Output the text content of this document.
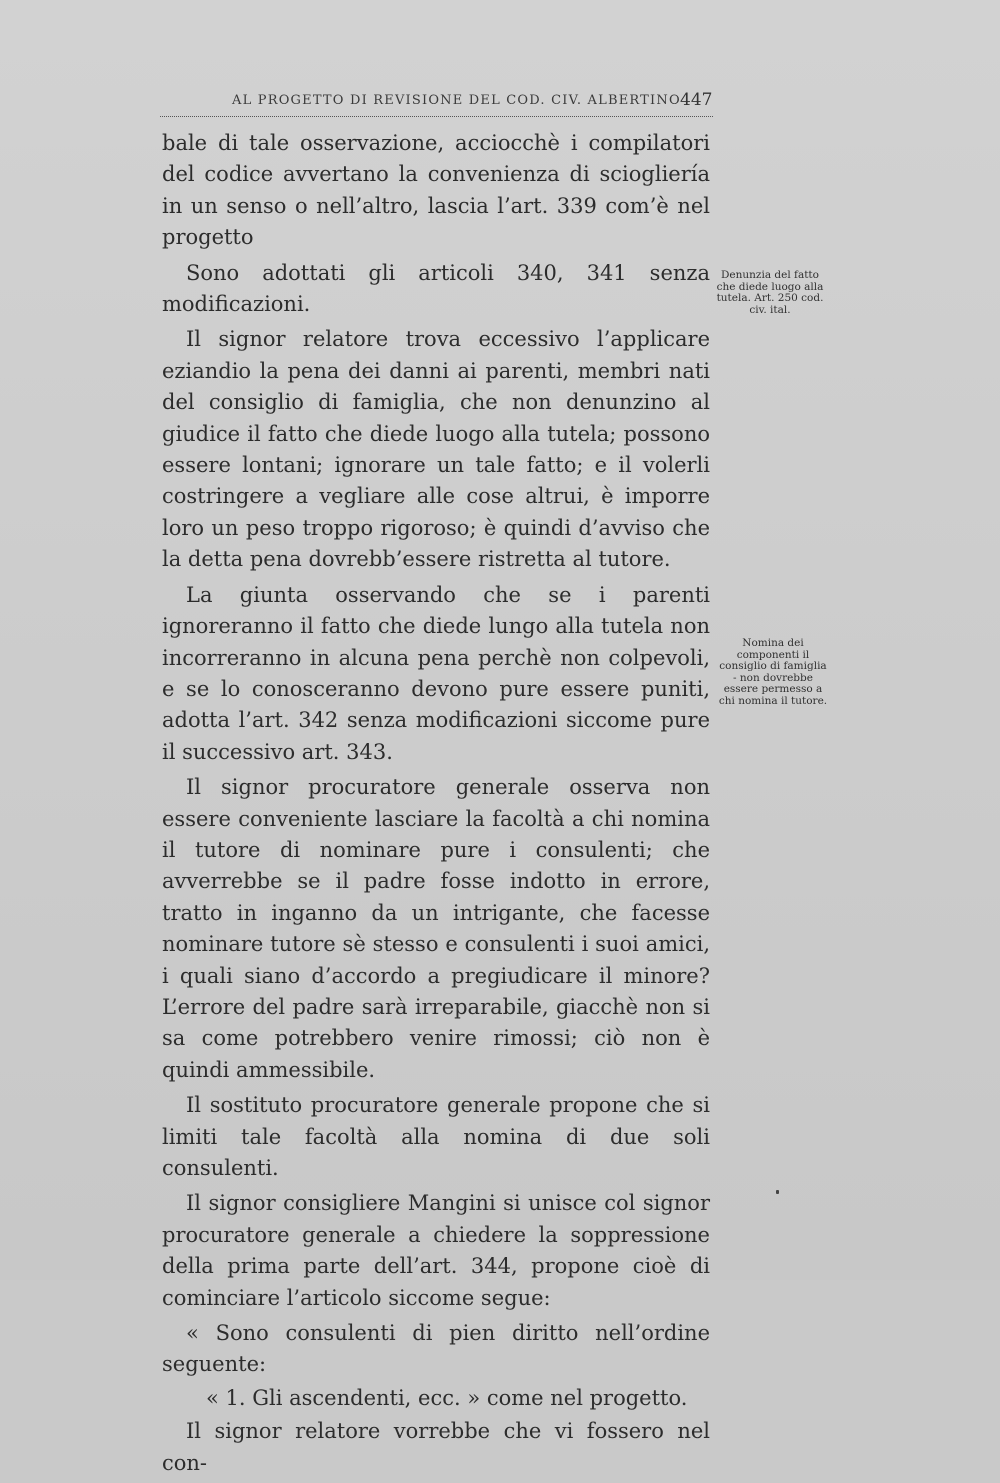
AL PROGETTO DI REVISIONE DEL COD. CIV. ALBERTINO 447

bale di tale osservazione, acciocchè i compilatori del codice avvertano la convenienza di sciogliería in un senso o nell’altro, lascia l’art. 339 com’è nel progetto

Sono adottati gli articoli 340, 341 senza modificazioni.

Il signor relatore trova eccessivo l’applicare eziandio la pena dei danni ai parenti, membri nati del consiglio di famiglia, che non denunzino al giudice il fatto che diede luogo alla tutela; possono essere lontani; ignorare un tale fatto; e il volerli costringere a vegliare alle cose altrui, è imporre loro un peso troppo rigoroso; è quindi d’avviso che la detta pena dovrebb’essere ristretta al tutore.

La giunta osservando che se i parenti ignoreranno il fatto che diede lungo alla tutela non incorreranno in alcuna pena perchè non colpevoli, e se lo conosceranno devono pure essere puniti, adotta l’art. 342 senza modificazioni siccome pure il successivo art. 343.

Il signor procuratore generale osserva non essere conveniente lasciare la facoltà a chi nomina il tutore di nominare pure i consulenti; che avverrebbe se il padre fosse indotto in errore, tratto in inganno da un intrigante, che facesse nominare tutore sè stesso e consulenti i suoi amici, i quali siano d’accordo a pregiudicare il minore? L’errore del padre sarà irreparabile, giacchè non si sa come potrebbero venire rimossi; ciò non è quindi ammessibile.

Il sostituto procuratore generale propone che si limiti tale facoltà alla nomina di due soli consulenti.

Il signor consigliere Mangini si unisce col signor procuratore generale a chiedere la soppressione della prima parte dell’art. 344, propone cioè di cominciare l’articolo siccome segue:

« Sono consulenti di pien diritto nell’ordine seguente:

« 1. Gli ascendenti, ecc. » come nel progetto.

Il signor relatore vorrebbe che vi fossero nel con-

Denunzia del fatto che diede luogo alla tutela. Art. 250 cod. civ. ital.
Nomina dei componenti il consiglio di famiglia - non dovrebbe essere permesso a chi nomina il tutore.
